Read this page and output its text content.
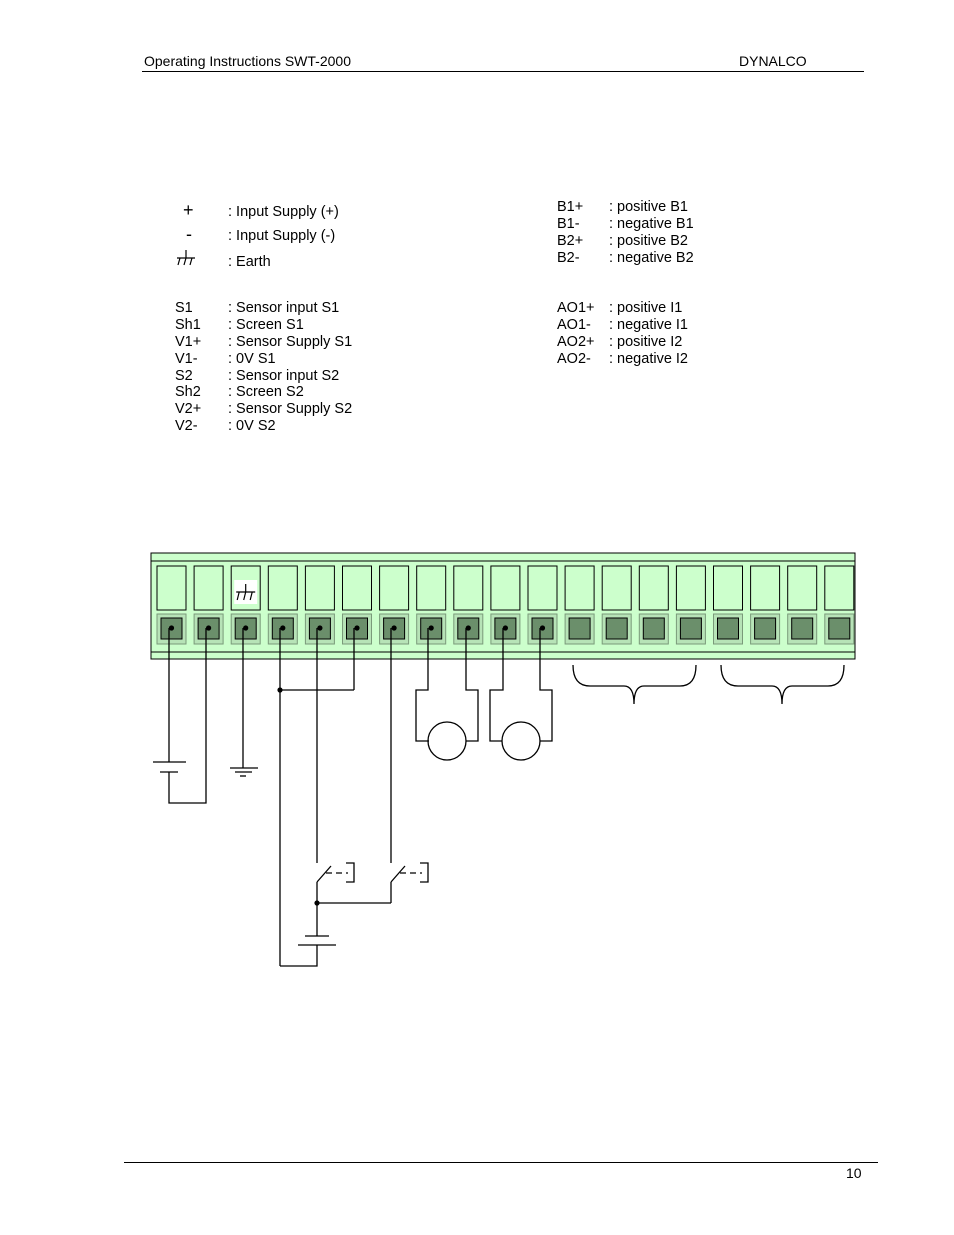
Operating Instructions SWT-2000	DYNALCO
+ : Input Supply (+)
- : Input Supply (-)
: Earth
S1 : Sensor input S1
Sh1 : Screen S1
V1+ : Sensor Supply S1
V1- : 0V S1
S2 : Sensor input S2
Sh2 : Screen S2
V2+ : Sensor Supply S2
V2- : 0V S2
B1+ : positive B1
B1- : negative B1
B2+ : positive B2
B2- : negative B2
AO1+ : positive I1
AO1- : negative I1
AO2+ : positive I2
AO2- : negative I2
10
